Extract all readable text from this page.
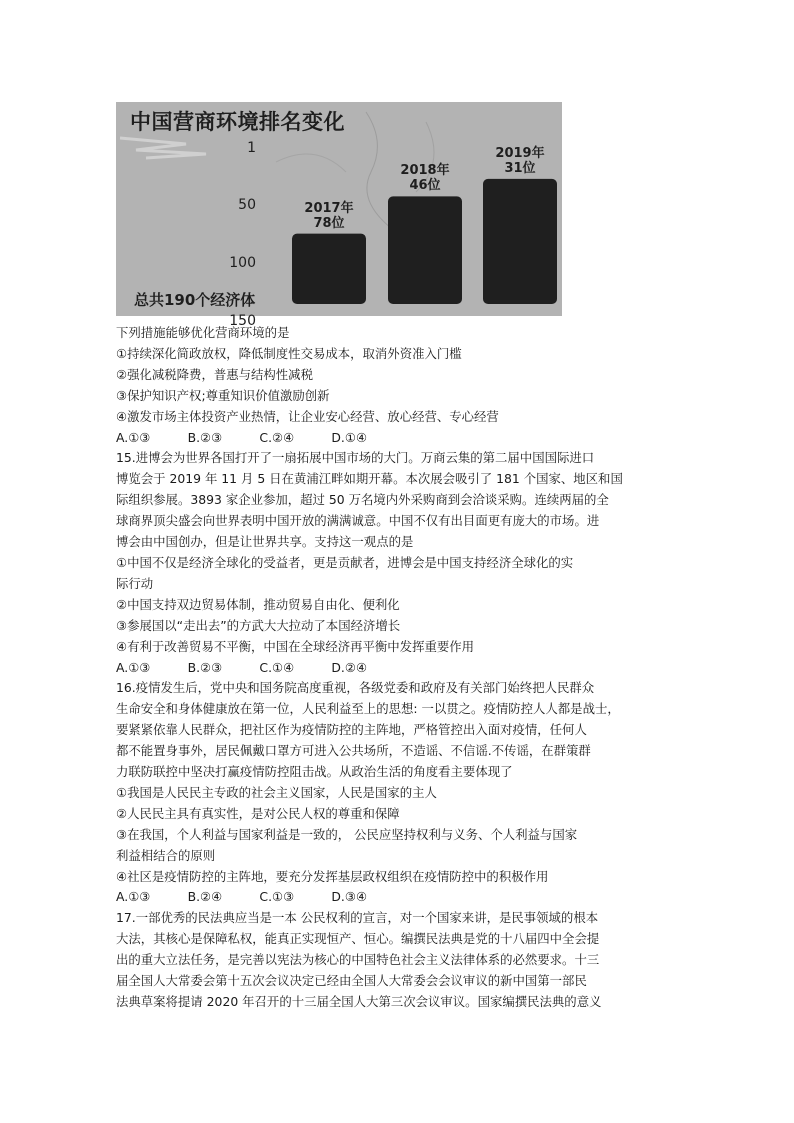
中国营商环境排名变化
1
50
100
150
2017年
78位
2018年
46位
2019年
31位
总共190个经济体
下列措施能够优化营商环境的是
①持续深化简政放权，降低制度性交易成本，取消外资准入门槛
②强化减税降费，普惠与结构性减税
③保护知识产权;尊重知识价值激励创新
④激发市场主体投资产业热情，让企业安心经营、放心经营、专心经营
A.①③　　　B.②③　　　C.②④　　　D.①④
15.进博会为世界各国打开了一扇拓展中国市场的大门。万商云集的第二届中国国际进口
博览会于 2019 年 11 月 5 日在黄浦江畔如期开幕。本次展会吸引了 181 个国家、地区和国
际组织参展。3893 家企业参加，超过 50 万名境内外采购商到会洽谈采购。连续两届的全
球商界顶尖盛会向世界表明中国开放的满满诚意。中国不仅有出目面更有庞大的市场。进
博会由中国创办，但是让世界共享。支持这一观点的是
①中国不仅是经济全球化的受益者，更是贡献者，进博会是中国支持经济全球化的实
际行动
②中国支持双边贸易体制，推动贸易自由化、便利化
③参展国以“走出去”的方武大大拉动了本国经济增长
④有利于改善贸易不平衡，中国在全球经济再平衡中发挥重要作用
A.①③　　　B.②③　　　C.①④　　　D.②④
16.疫情发生后，党中央和国务院高度重视，各级党委和政府及有关部门始终把人民群众
生命安全和身体健康放在第一位，人民利益至上的思想: 一以贯之。疫情防控人人都是战士，
要紧紧依靠人民群众，把社区作为疫情防控的主阵地，严格管控出入面对疫情，任何人
都不能置身事外，居民佩戴口罩方可进入公共场所，不造谣、不信谣.不传谣，在群策群
力联防联控中坚决打赢疫情防控阻击战。从政治生活的角度看主要体现了
①我国是人民民主专政的社会主义国家，人民是国家的主人
②人民民主具有真实性，是对公民人权的尊重和保障
③在我国，个人利益与国家利益是一致的， 公民应坚持权利与义务、个人利益与国家
利益相结合的原则
④社区是疫情防控的主阵地，要充分发挥基层政权组织在疫情防控中的积极作用
A.①③　　　B.②④　　　C.①③　　　D.③④
17.一部优秀的民法典应当是一本 公民权利的宣言，对一个国家来讲，是民事领域的根本
大法，其核心是保障私权，能真正实现恒产、恒心。编撰民法典是党的十八届四中全会提
出的重大立法任务，是完善以宪法为核心的中国特色社会主义法律体系的必然要求。十三
届全国人大常委会第十五次会议决定已经由全国人大常委会会议审议的新中国第一部民
法典草案将提请 2020 年召开的十三届全国人大第三次会议审议。国家编撰民法典的意义
